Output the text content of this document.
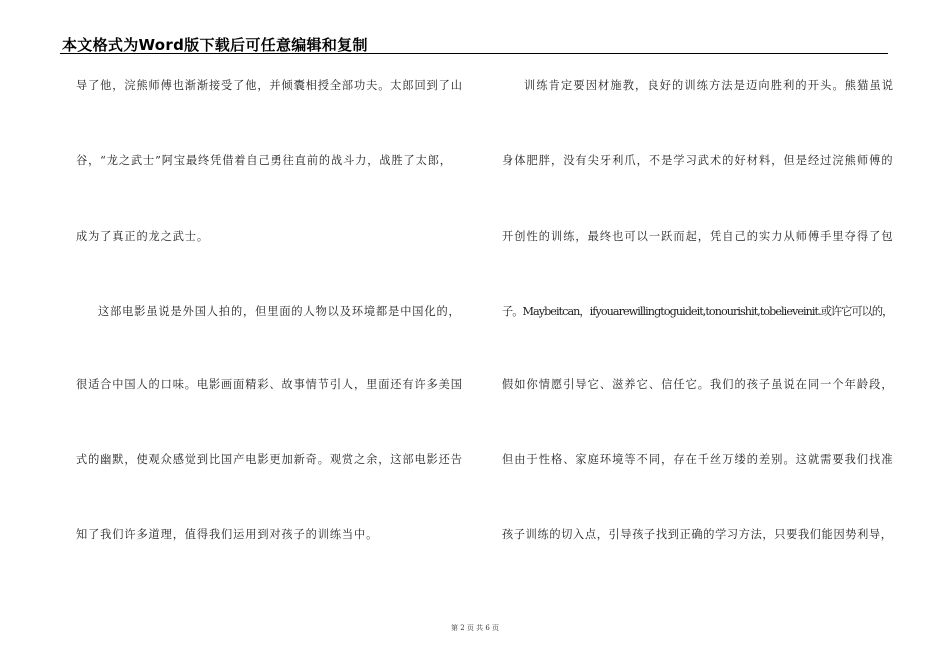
本文格式为Word版下载后可任意编辑和复制
导了他，浣熊师傅也渐渐接受了他，并倾囊相授全部功夫。太郎回到了山
谷，“龙之武士”阿宝最终凭借着自己勇往直前的战斗力，战胜了太郎，
成为了真正的龙之武士。
这部电影虽说是外国人拍的，但里面的人物以及环境都是中国化的，
很适合中国人的口味。电影画面精彩、故事情节引人，里面还有许多美国
式的幽默，使观众感觉到比国产电影更加新奇。观赏之余，这部电影还告
知了我们许多道理，值得我们运用到对孩子的训练当中。
训练肯定要因材施教，良好的训练方法是迈向胜利的开头。熊猫虽说
身体肥胖，没有尖牙利爪，不是学习武术的好材料，但是经过浣熊师傅的
开创性的训练，最终也可以一跃而起，凭自己的实力从师傅手里夺得了包
子。Maybeitcan，ifyouarewillingtoguideit,tonourishit,tobelieveinit.或许它可以的，
假如你情愿引导它、滋养它、信任它。我们的孩子虽说在同一个年龄段，
但由于性格、家庭环境等不同，存在千丝万缕的差别。这就需要我们找准
孩子训练的切入点，引导孩子找到正确的学习方法，只要我们能因势利导，
第 2 页 共 6 页
